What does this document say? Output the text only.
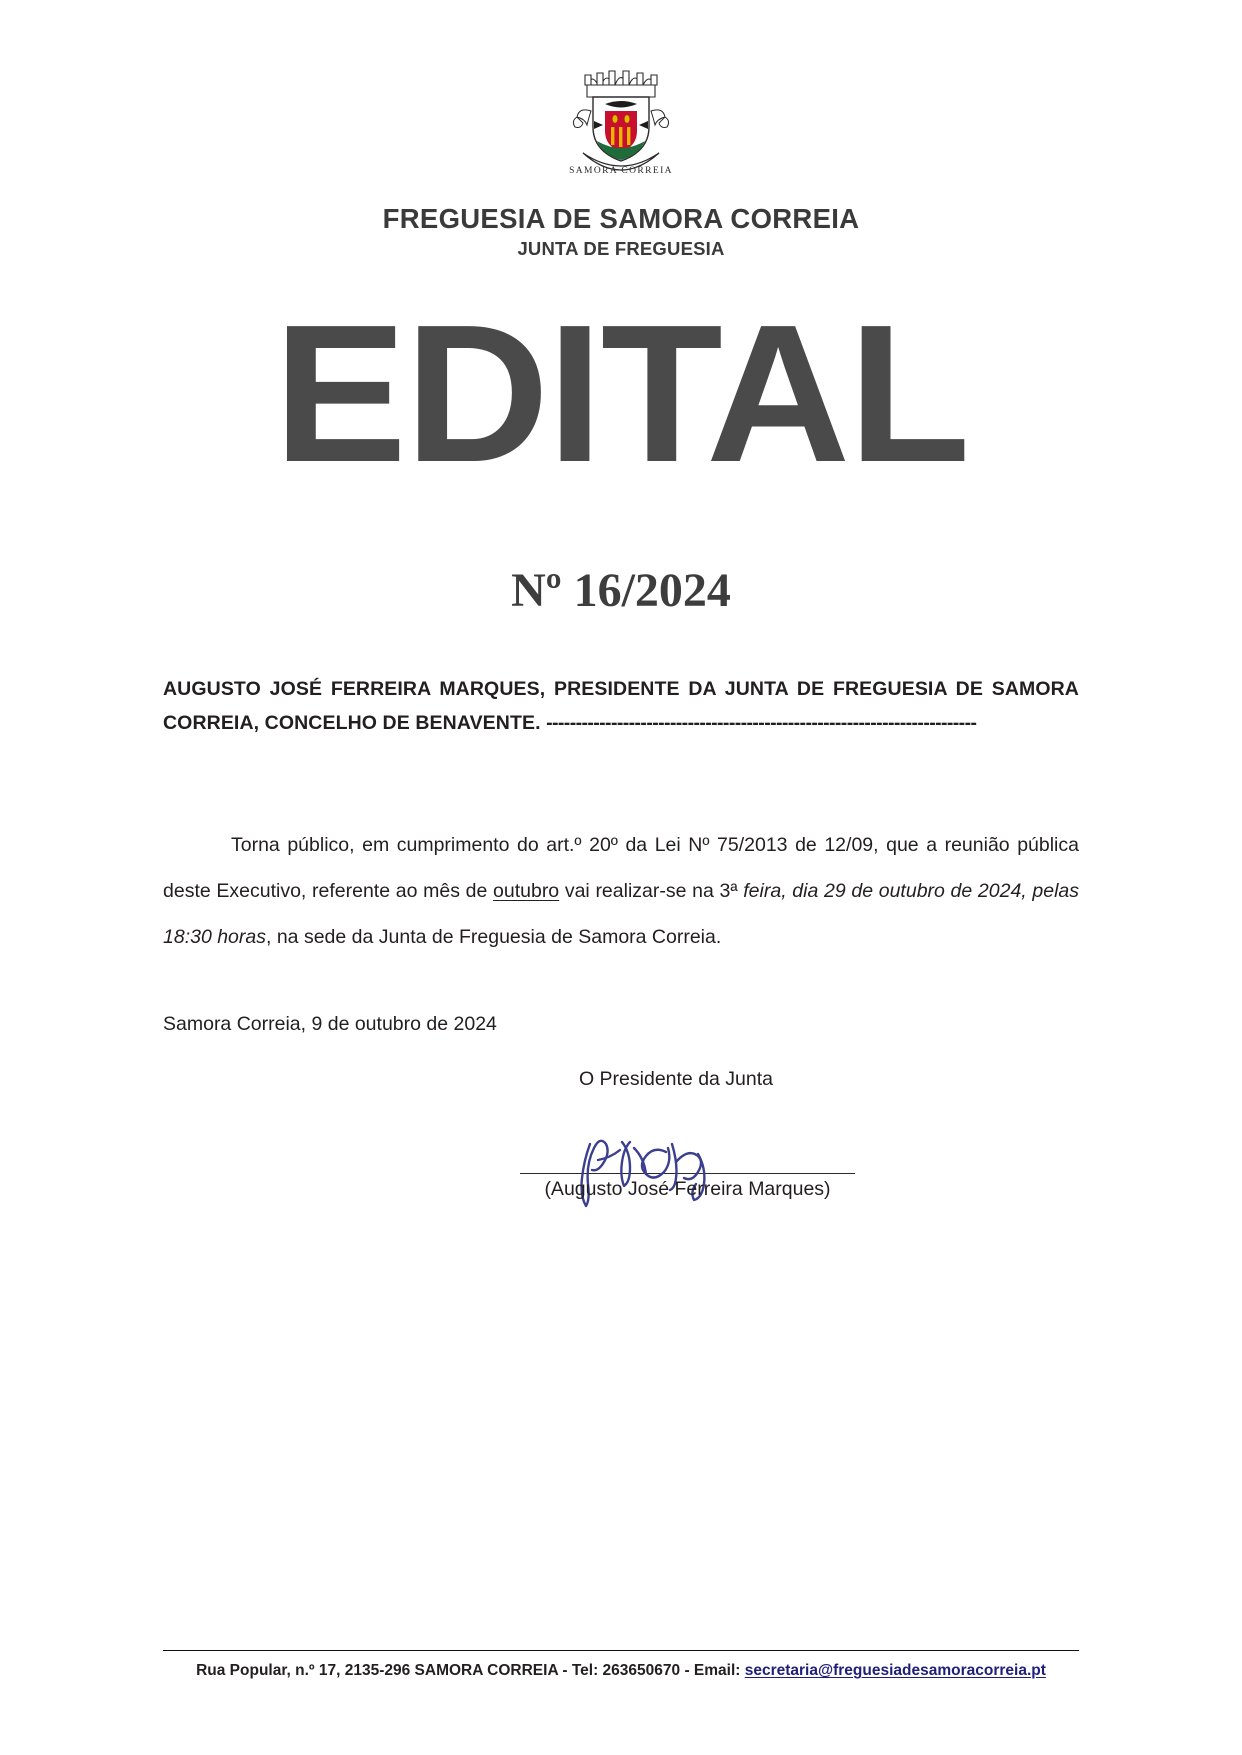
SAMORA CORREIA
FREGUESIA DE SAMORA CORREIA
JUNTA DE FREGUESIA
EDITAL
Nº 16/2024

AUGUSTO JOSÉ FERREIRA MARQUES, PRESIDENTE DA JUNTA DE FREGUESIA DE SAMORA CORREIA, CONCELHO DE BENAVENTE. -------------------------------------------------------------------------

Torna público, em cumprimento do art.º 20º da Lei Nº 75/2013 de 12/09, que a reunião pública deste Executivo, referente ao mês de outubro vai realizar-se na 3ª feira, dia 29 de outubro de 2024, pelas 18:30 horas, na sede da Junta de Freguesia de Samora Correia.

Samora Correia, 9 de outubro de 2024

O Presidente da Junta
(Augusto José Ferreira Marques)
Rua Popular, n.º 17, 2135-296 SAMORA CORREIA - Tel: 263650670 - Email: secretaria@freguesiadesamoracorreia.pt
